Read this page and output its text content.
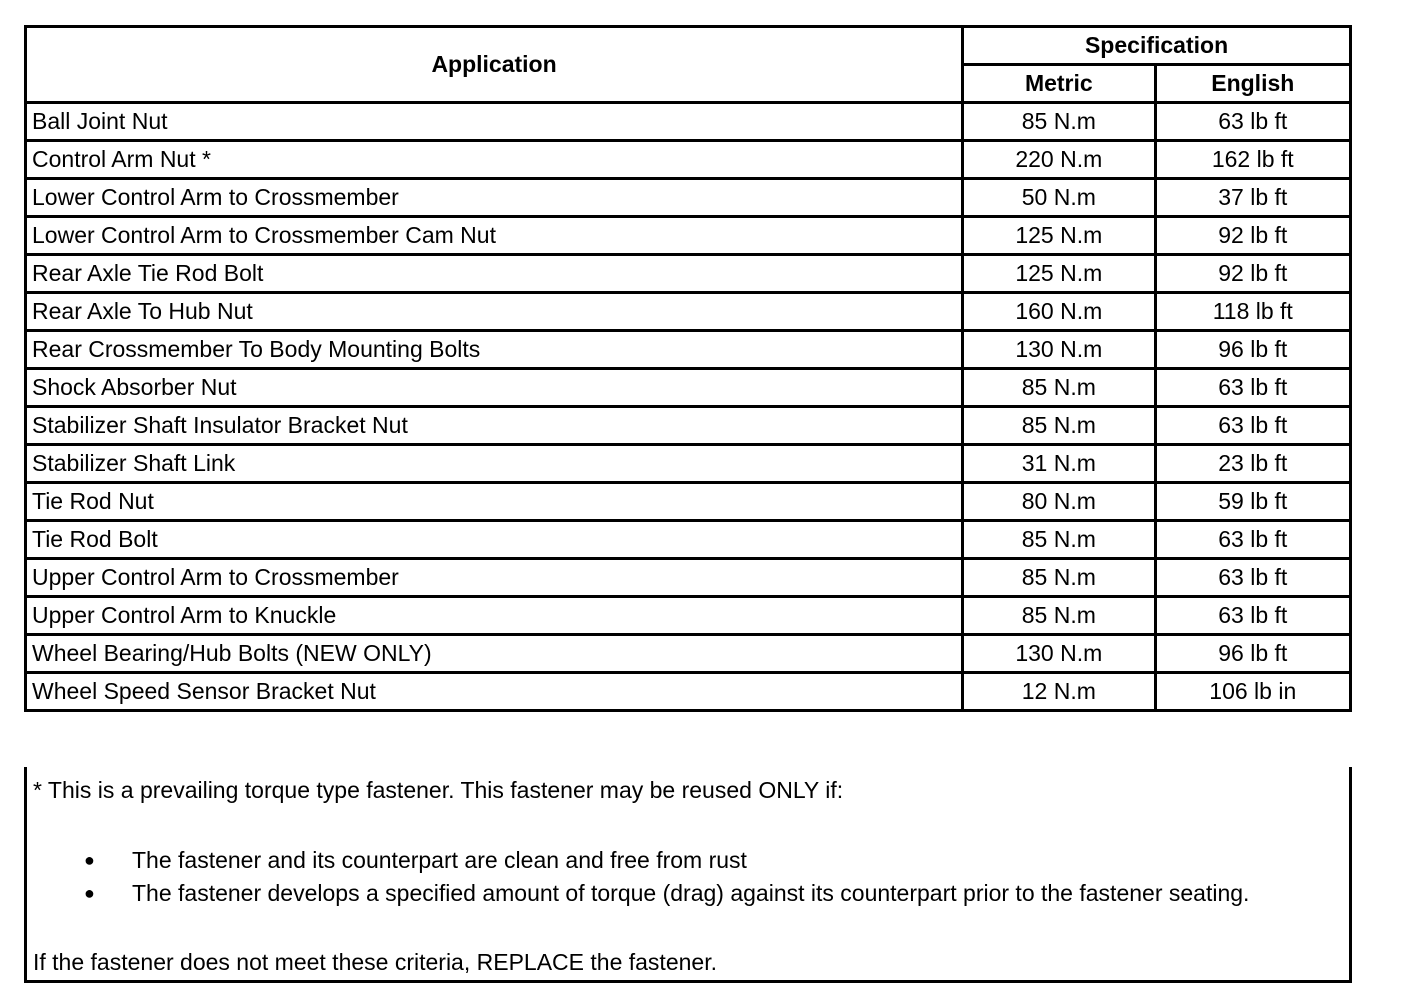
Application	Specification	
	Metric	English
Ball Joint Nut	85 N.m	63 lb ft
Control Arm Nut *	220 N.m	162 lb ft
Lower Control Arm to Crossmember	50 N.m	37 lb ft
Lower Control Arm to Crossmember Cam Nut	125 N.m	92 lb ft
Rear Axle Tie Rod Bolt	125 N.m	92 lb ft
Rear Axle To Hub Nut	160 N.m	118 lb ft
Rear Crossmember To Body Mounting Bolts	130 N.m	96 lb ft
Shock Absorber Nut	85 N.m	63 lb ft
Stabilizer Shaft Insulator Bracket Nut	85 N.m	63 lb ft
Stabilizer Shaft Link	31 N.m	23 lb ft
Tie Rod Nut	80 N.m	59 lb ft
Tie Rod Bolt	85 N.m	63 lb ft
Upper Control Arm to Crossmember	85 N.m	63 lb ft
Upper Control Arm to Knuckle	85 N.m	63 lb ft
Wheel Bearing/Hub Bolts (NEW ONLY)	130 N.m	96 lb ft
Wheel Speed Sensor Bracket Nut	12 N.m	106 lb in
* This is a prevailing torque type fastener. This fastener may be reused ONLY if:
● The fastener and its counterpart are clean and free from rust
● The fastener develops a specified amount of torque (drag) against its counterpart prior to the fastener seating.
If the fastener does not meet these criteria, REPLACE the fastener.
